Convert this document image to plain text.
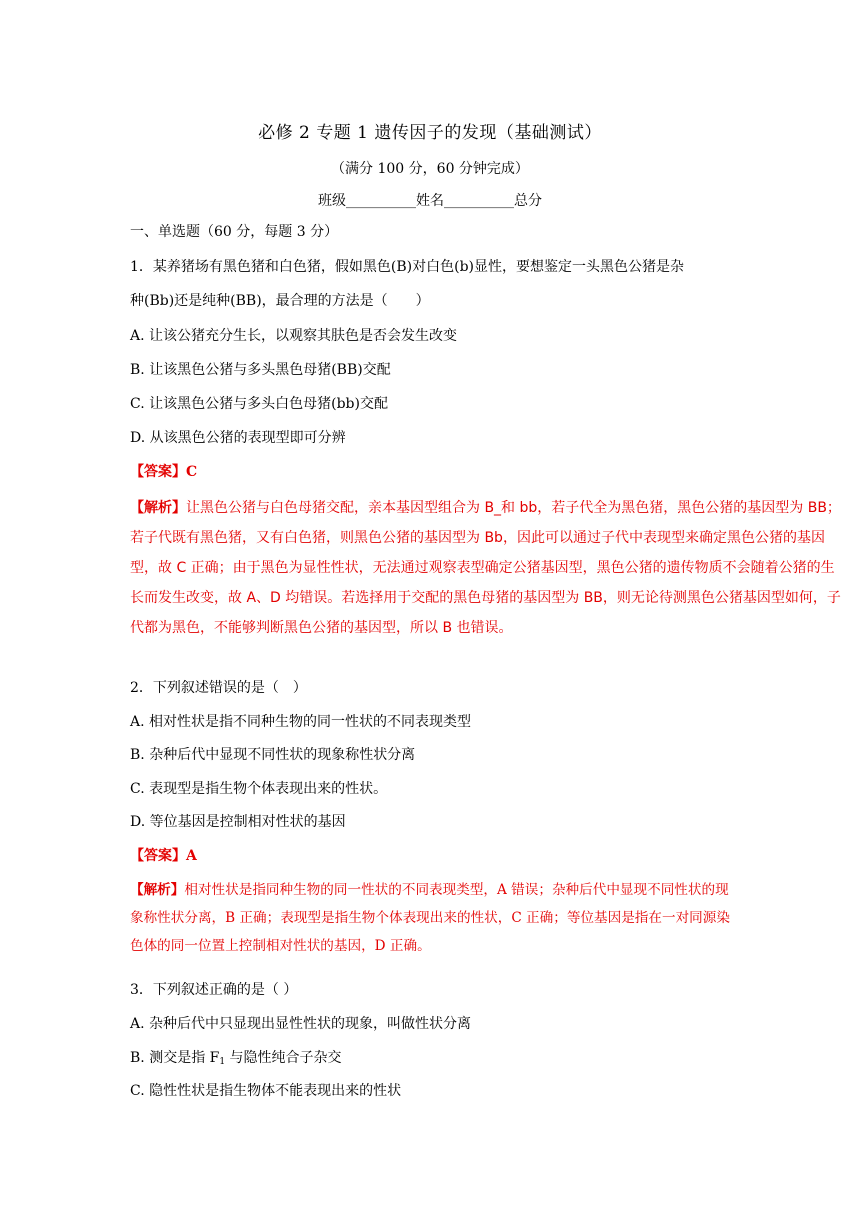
必修 2 专题 1 遗传因子的发现（基础测试）
（满分 100 分，60 分钟完成）
班级__________姓名__________总分
一、单选题（60 分，每题 3 分）
1．某养猪场有黑色猪和白色猪，假如黑色(B)对白色(b)显性，要想鉴定一头黑色公猪是杂
种(Bb)还是纯种(BB)，最合理的方法是（　　）
A. 让该公猪充分生长，以观察其肤色是否会发生改变
B. 让该黑色公猪与多头黑色母猪(BB)交配
C. 让该黑色公猪与多头白色母猪(bb)交配
D. 从该黑色公猪的表现型即可分辨
【答案】C
【解析】让黑色公猪与白色母猪交配，亲本基因型组合为 B_和 bb，若子代全为黑色猪，黑色公猪的基因型为 BB；若子代既有黑色猪，又有白色猪，则黑色公猪的基因型为 Bb，因此可以通过子代中表现型来确定黑色公猪的基因型，故 C 正确；由于黑色为显性性状，无法通过观察表型确定公猪基因型，黑色公猪的遗传物质不会随着公猪的生长而发生改变，故 A、D 均错误。若选择用于交配的黑色母猪的基因型为 BB，则无论待测黑色公猪基因型如何，子代都为黑色，不能够判断黑色公猪的基因型，所以 B 也错误。
2．下列叙述错误的是（　）
A. 相对性状是指不同种生物的同一性状的不同表现类型
B. 杂种后代中显现不同性状的现象称性状分离
C. 表现型是指生物个体表现出来的性状。
D. 等位基因是控制相对性状的基因
【答案】A
【解析】相对性状是指同种生物的同一性状的不同表现类型，A 错误；杂种后代中显现不同性状的现象称性状分离，B 正确；表现型是指生物个体表现出来的性状，C 正确；等位基因是指在一对同源染色体的同一位置上控制相对性状的基因，D 正确。
3．下列叙述正确的是（ ）
A. 杂种后代中只显现出显性性状的现象，叫做性状分离
B. 测交是指 $F_1$ 与隐性纯合子杂交
C. 隐性性状是指生物体不能表现出来的性状
